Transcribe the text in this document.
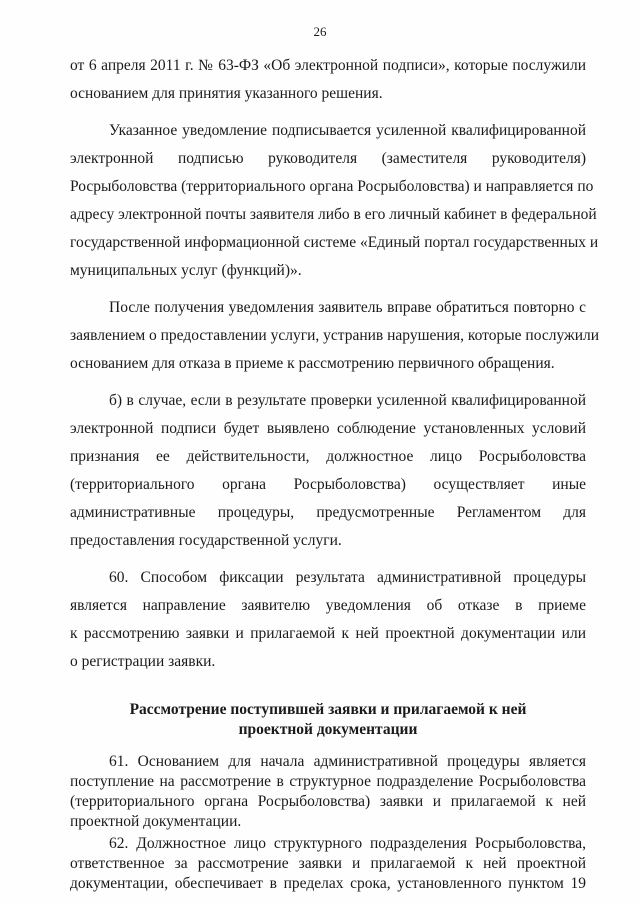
26
от 6 апреля 2011 г. № 63-ФЗ «Об электронной подписи», которые послужили
основанием для принятия указанного решения.
Указанное уведомление подписывается усиленной квалифицированной
электронной подписью руководителя (заместителя руководителя)
Росрыболовства (территориального органа Росрыболовства) и направляется по
адресу электронной почты заявителя либо в его личный кабинет в федеральной
государственной информационной системе «Единый портал государственных и
муниципальных услуг (функций)».
После получения уведомления заявитель вправе обратиться повторно с
заявлением о предоставлении услуги, устранив нарушения, которые послужили
основанием для отказа в приеме к рассмотрению первичного обращения.
б) в случае, если в результате проверки усиленной квалифицированной
электронной подписи будет выявлено соблюдение установленных условий
признания ее действительности, должностное лицо Росрыболовства
(территориального органа Росрыболовства) осуществляет иные
административные процедуры, предусмотренные Регламентом для
предоставления государственной услуги.
60. Способом фиксации результата административной процедуры
является направление заявителю уведомления об отказе в приеме
к рассмотрению заявки и прилагаемой к ней проектной документации или
о регистрации заявки.
Рассмотрение поступившей заявки и прилагаемой к ней
проектной документации
61. Основанием для начала административной процедуры является
поступление на рассмотрение в структурное подразделение Росрыболовства
(территориального органа Росрыболовства) заявки и прилагаемой к ней
проектной документации.
62. Должностное лицо структурного подразделения Росрыболовства,
ответственное за рассмотрение заявки и прилагаемой к ней проектной
документации, обеспечивает в пределах срока, установленного пунктом 19
